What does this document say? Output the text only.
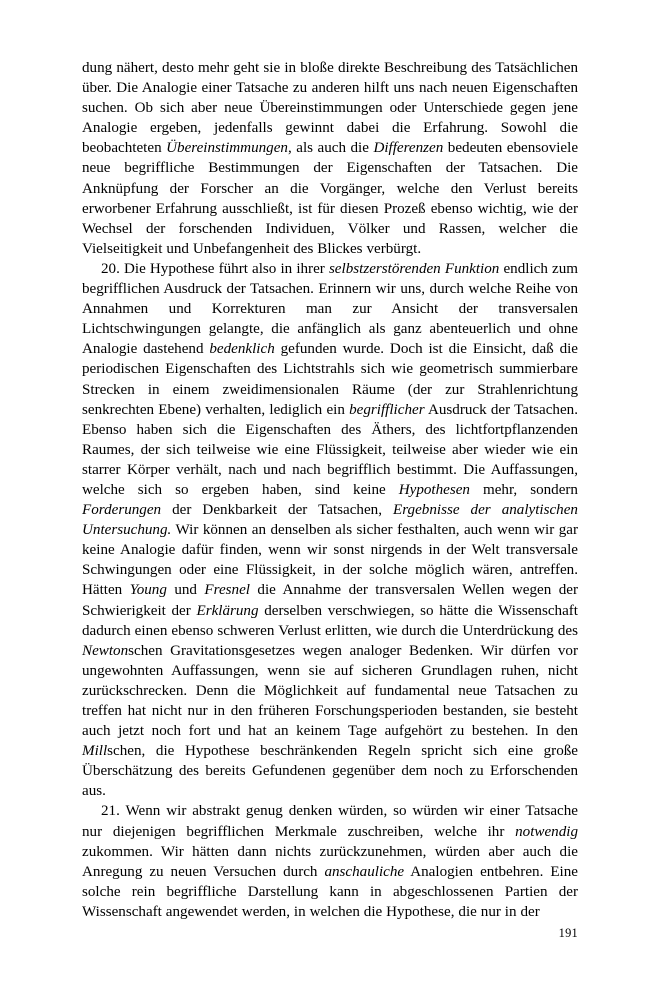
dung nähert, desto mehr geht sie in bloße direkte Beschreibung des Tatsächlichen über. Die Analogie einer Tatsache zu anderen hilft uns nach neuen Eigenschaften suchen. Ob sich aber neue Übereinstimmungen oder Unterschiede gegen jene Analogie ergeben, jedenfalls gewinnt dabei die Erfahrung. Sowohl die beobachteten Übereinstimmungen, als auch die Differenzen bedeuten ebensoviele neue begriffliche Bestimmungen der Eigenschaften der Tatsachen. Die Anknüpfung der Forscher an die Vorgänger, welche den Verlust bereits erworbener Erfahrung ausschließt, ist für diesen Prozeß ebenso wichtig, wie der Wechsel der forschenden Individuen, Völker und Rassen, welcher die Vielseitigkeit und Unbefangenheit des Blickes verbürgt.

20. Die Hypothese führt also in ihrer selbstzerstörenden Funktion endlich zum begrifflichen Ausdruck der Tatsachen. Erinnern wir uns, durch welche Reihe von Annahmen und Korrekturen man zur Ansicht der transversalen Lichtschwingungen gelangte, die anfänglich als ganz abenteuerlich und ohne Analogie dastehend bedenklich gefunden wurde. Doch ist die Einsicht, daß die periodischen Eigenschaften des Lichtstrahls sich wie geometrisch summierbare Strecken in einem zweidimensionalen Räume (der zur Strahlenrichtung senkrechten Ebene) verhalten, lediglich ein begrifflicher Ausdruck der Tatsachen. Ebenso haben sich die Eigenschaften des Äthers, des lichtfortpflanzenden Raumes, der sich teilweise wie eine Flüssigkeit, teilweise aber wieder wie ein starrer Körper verhält, nach und nach begrifflich bestimmt. Die Auffassungen, welche sich so ergeben haben, sind keine Hypothesen mehr, sondern Forderungen der Denkbarkeit der Tatsachen, Ergebnisse der analytischen Untersuchung. Wir können an denselben als sicher festhalten, auch wenn wir gar keine Analogie dafür finden, wenn wir sonst nirgends in der Welt transversale Schwingungen oder eine Flüssigkeit, in der solche möglich wären, antreffen. Hätten Young und Fresnel die Annahme der transversalen Wellen wegen der Schwierigkeit der Erklärung derselben verschwiegen, so hätte die Wissenschaft dadurch einen ebenso schweren Verlust erlitten, wie durch die Unterdrückung des Newtonschen Gravitationsgesetzes wegen analoger Bedenken. Wir dürfen vor ungewohnten Auffassungen, wenn sie auf sicheren Grundlagen ruhen, nicht zurückschrecken. Denn die Möglichkeit auf fundamental neue Tatsachen zu treffen hat nicht nur in den früheren Forschungsperioden bestanden, sie besteht auch jetzt noch fort und hat an keinem Tage aufgehört zu bestehen. In den Millschen, die Hypothese beschränkenden Regeln spricht sich eine große Überschätzung des bereits Gefundenen gegenüber dem noch zu Erforschenden aus.

21. Wenn wir abstrakt genug denken würden, so würden wir einer Tatsache nur diejenigen begrifflichen Merkmale zuschreiben, welche ihr notwendig zukommen. Wir hätten dann nichts zurückzunehmen, würden aber auch die Anregung zu neuen Versuchen durch anschauliche Analogien entbehren. Eine solche rein begriffliche Darstellung kann in abgeschlossenen Partien der Wissenschaft angewendet werden, in welchen die Hypothese, die nur in der

191
